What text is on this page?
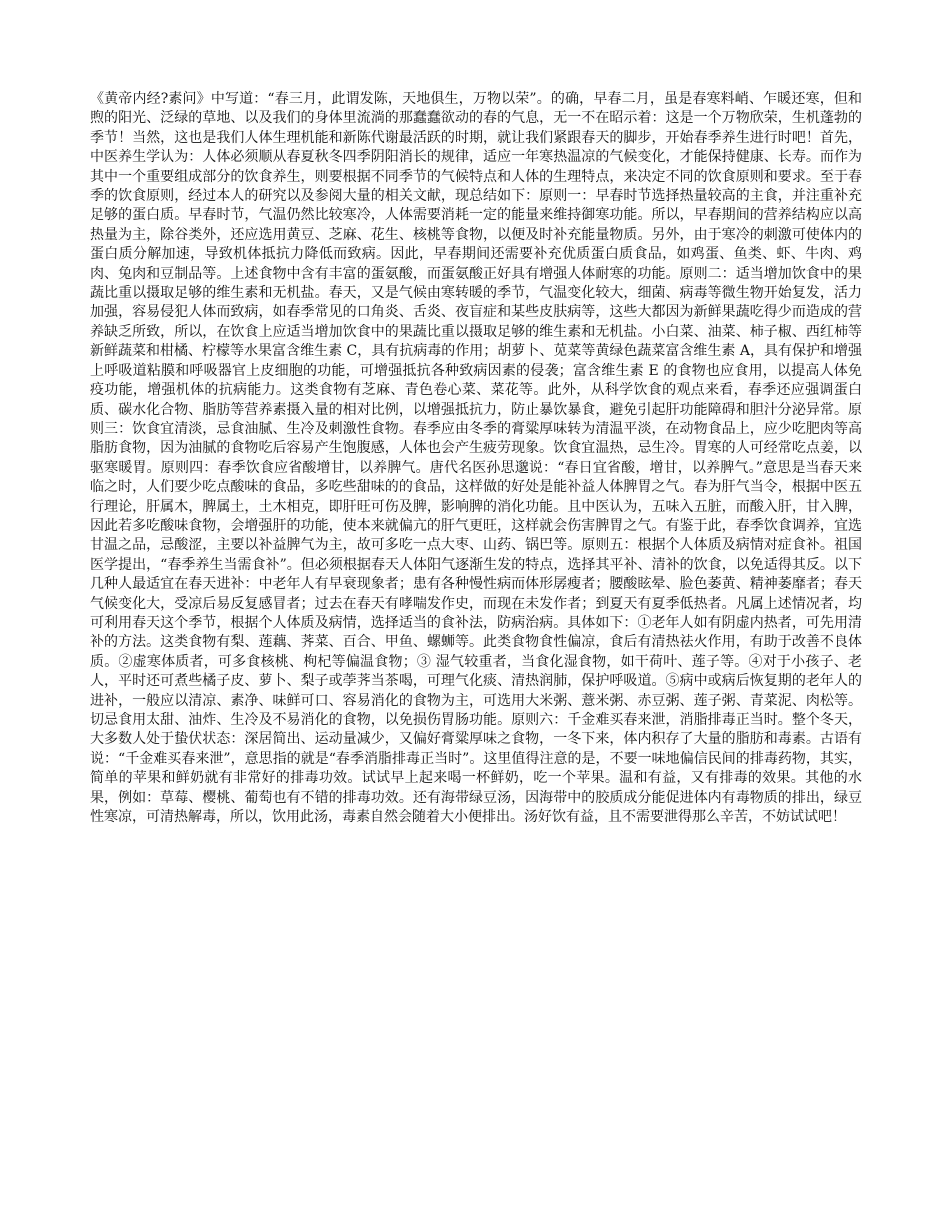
《黄帝内经?素问》中写道：“春三月，此谓发陈，天地俱生，万物以荣”。的确，早春二月，虽是春寒料峭、乍暖还寒，但和煦的阳光、泛绿的草地、以及我们的身体里流淌的那蠢蠢欲动的春的气息，无一不在昭示着：这是一个万物欣荣，生机蓬勃的季节！当然，这也是我们人体生理机能和新陈代谢最活跃的时期，就让我们紧跟春天的脚步，开始春季养生进行时吧！首先，中医养生学认为：人体必须顺从春夏秋冬四季阴阳消长的规律，适应一年寒热温凉的气候变化，才能保持健康、长寿。而作为其中一个重要组成部分的饮食养生，则要根据不同季节的气候特点和人体的生理特点，来决定不同的饮食原则和要求。至于春季的饮食原则，经过本人的研究以及参阅大量的相关文献，现总结如下：原则一：早春时节选择热量较高的主食，并注重补充足够的蛋白质。早春时节，气温仍然比较寒冷，人体需要消耗一定的能量来维持御寒功能。所以，早春期间的营养结构应以高热量为主，除谷类外，还应选用黄豆、芝麻、花生、核桃等食物，以便及时补充能量物质。另外，由于寒冷的刺激可使体内的蛋白质分解加速，导致机体抵抗力降低而致病。因此，早春期间还需要补充优质蛋白质食品，如鸡蛋、鱼类、虾、牛肉、鸡肉、兔肉和豆制品等。上述食物中含有丰富的蛋氨酸，而蛋氨酸正好具有增强人体耐寒的功能。原则二：适当增加饮食中的果蔬比重以摄取足够的维生素和无机盐。春天，又是气候由寒转暖的季节，气温变化较大，细菌、病毒等微生物开始复发，活力加强，容易侵犯人体而致病，如春季常见的口角炎、舌炎、夜盲症和某些皮肤病等，这些大都因为新鲜果蔬吃得少而造成的营养缺乏所致，所以，在饮食上应适当增加饮食中的果蔬比重以摄取足够的维生素和无机盐。小白菜、油菜、柿子椒、西红柿等新鲜蔬菜和柑橘、柠檬等水果富含维生素 C，具有抗病毒的作用；胡萝卜、苋菜等黄绿色蔬菜富含维生素 A，具有保护和增强上呼吸道粘膜和呼吸器官上皮细胞的功能，可增强抵抗各种致病因素的侵袭；富含维生素 E 的食物也应食用，以提高人体免疫功能，增强机体的抗病能力。这类食物有芝麻、青色卷心菜、菜花等。此外，从科学饮食的观点来看，春季还应强调蛋白质、碳水化合物、脂肪等营养素摄入量的相对比例，以增强抵抗力，防止暴饮暴食，避免引起肝功能障碍和胆汁分泌异常。原则三：饮食宜清淡，忌食油腻、生冷及刺激性食物。春季应由冬季的膏粱厚味转为清温平淡，在动物食品上，应少吃肥肉等高脂肪食物，因为油腻的食物吃后容易产生饱腹感，人体也会产生疲劳现象。饮食宜温热，忌生冷。胃寒的人可经常吃点姜，以驱寒暖胃。原则四：春季饮食应省酸增甘，以养脾气。唐代名医孙思邈说：“春日宜省酸，增甘，以养脾气。”意思是当春天来临之时，人们要少吃点酸味的食品，多吃些甜味的的食品，这样做的好处是能补益人体脾胃之气。春为肝气当令，根据中医五行理论，肝属木，脾属土，土木相克，即肝旺可伤及脾，影响脾的消化功能。且中医认为，五味入五脏，而酸入肝，甘入脾，因此若多吃酸味食物，会增强肝的功能，使本来就偏亢的肝气更旺，这样就会伤害脾胃之气。有鉴于此，春季饮食调养，宜选甘温之品，忌酸涩，主要以补益脾气为主，故可多吃一点大枣、山药、锅巴等。原则五：根据个人体质及病情对症食补。祖国医学提出，“春季养生当需食补”。但必须根据春天人体阳气逐渐生发的特点，选择其平补、清补的饮食，以免适得其反。以下几种人最适宜在春天进补：中老年人有早衰现象者；患有各种慢性病而体形孱瘦者；腰酸眩晕、脸色萎黄、精神萎靡者；春天气候变化大，受凉后易反复感冒者；过去在春天有哮喘发作史，而现在未发作者；到夏天有夏季低热者。凡属上述情况者，均可利用春天这个季节，根据个人体质及病情，选择适当的食补法，防病治病。具体如下：①老年人如有阴虚内热者，可先用清补的方法。这类食物有梨、莲藕、荠菜、百合、甲鱼、螺蛳等。此类食物食性偏凉，食后有清热祛火作用，有助于改善不良体质。②虚寒体质者，可多食核桃、枸杞等偏温食物；③ 湿气较重者，当食化湿食物，如干荷叶、莲子等。④对于小孩子、老人，平时还可煮些橘子皮、萝卜、梨子或荸荠当茶喝，可理气化痰、清热润肺，保护呼吸道。⑤病中或病后恢复期的老年人的进补，一般应以清凉、素净、味鲜可口、容易消化的食物为主，可选用大米粥、薏米粥、赤豆粥、莲子粥、青菜泥、肉松等。切忌食用太甜、油炸、生冷及不易消化的食物，以免损伤胃肠功能。原则六：千金难买春来泄，消脂排毒正当时。整个冬天，大多数人处于蛰伏状态：深居简出、运动量减少，又偏好膏粱厚味之食物，一冬下来，体内积存了大量的脂肪和毒素。古语有说：“千金难买春来泄”，意思指的就是“春季消脂排毒正当时”。这里值得注意的是，不要一味地偏信民间的排毒药物，其实，简单的苹果和鲜奶就有非常好的排毒功效。试试早上起来喝一杯鲜奶，吃一个苹果。温和有益，又有排毒的效果。其他的水果，例如：草莓、樱桃、葡萄也有不错的排毒功效。还有海带绿豆汤，因海带中的胶质成分能促进体内有毒物质的排出，绿豆性寒凉，可清热解毒，所以，饮用此汤，毒素自然会随着大小便排出。汤好饮有益，且不需要泄得那么辛苦，不妨试试吧！
